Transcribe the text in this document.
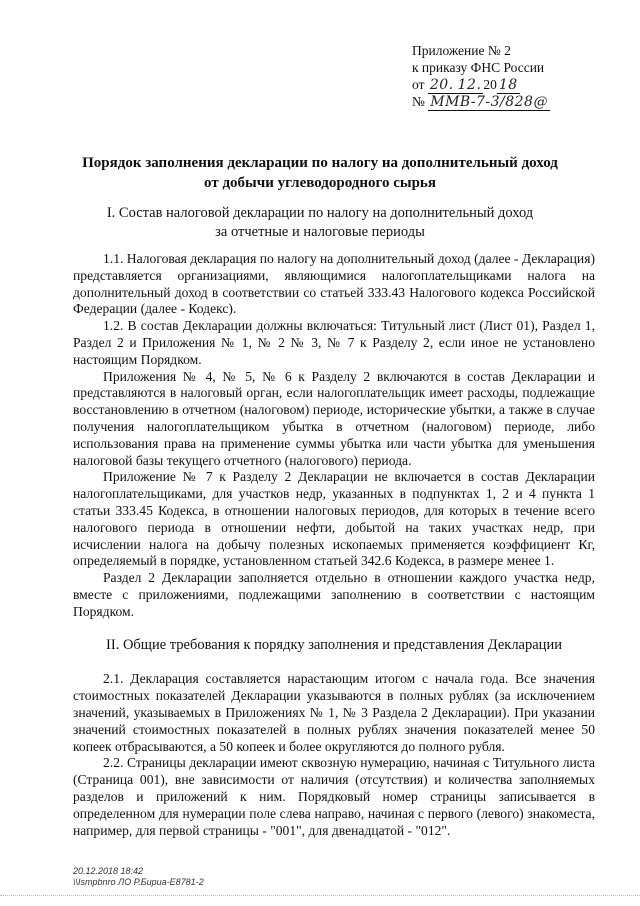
Приложение № 2
к приказу ФНС России
от 20. 12. 20 18
№ ММВ-7-3/828@
Порядок заполнения декларации по налогу на дополнительный доход
от добычи углеводородного сырья
I. Состав налоговой декларации по налогу на дополнительный доход
за отчетные и налоговые периоды

1.1. Налоговая декларация по налогу на дополнительный доход (далее - Декларация) представляется организациями, являющимися налогоплательщиками налога на дополнительный доход в соответствии со статьей 333.43 Налогового кодекса Российской Федерации (далее - Кодекс).

1.2. В состав Декларации должны включаться: Титульный лист (Лист 01), Раздел 1, Раздел 2 и Приложения № 1, № 2 № 3, № 7 к Разделу 2, если иное не установлено настоящим Порядком.

Приложения № 4, № 5, № 6 к Разделу 2 включаются в состав Декларации и представляются в налоговый орган, если налогоплательщик имеет расходы, подлежащие восстановлению в отчетном (налоговом) периоде, исторические убытки, а также в случае получения налогоплательщиком убытка в отчетном (налоговом) периоде, либо использования права на применение суммы убытка или части убытка для уменьшения налоговой базы текущего отчетного (налогового) периода.

Приложение № 7 к Разделу 2 Декларации не включается в состав Декларации налогоплательщиками, для участков недр, указанных в подпунктах 1, 2 и 4 пункта 1 статьи 333.45 Кодекса, в отношении налоговых периодов, для которых в течение всего налогового периода в отношении нефти, добытой на таких участках недр, при исчислении налога на добычу полезных ископаемых применяется коэффициент Кг, определяемый в порядке, установленном статьей 342.6 Кодекса, в размере менее 1.

Раздел 2 Декларации заполняется отдельно в отношении каждого участка недр, вместе с приложениями, подлежащими заполнению в соответствии с настоящим Порядком.

II. Общие требования к порядку заполнения и представления Декларации

2.1. Декларация составляется нарастающим итогом с начала года. Все значения стоимостных показателей Декларации указываются в полных рублях (за исключением значений, указываемых в Приложениях № 1, № 3 Раздела 2 Декларации). При указании значений стоимостных показателей в полных рублях значения показателей менее 50 копеек отбрасываются, а 50 копеек и более округляются до полного рубля.

2.2. Страницы декларации имеют сквозную нумерацию, начиная с Титульного листа (Страница 001), вне зависимости от наличия (отсутствия) и количества заполняемых разделов и приложений к ним. Порядковый номер страницы записывается в определенном для нумерации поле слева направо, начиная с первого (левого) знакоместа, например, для первой страницы - "001", для двенадцатой - "012".

20.12.2018 18:42
\\Ismpbnro ЛО Р.Бириа-Е8781-2
